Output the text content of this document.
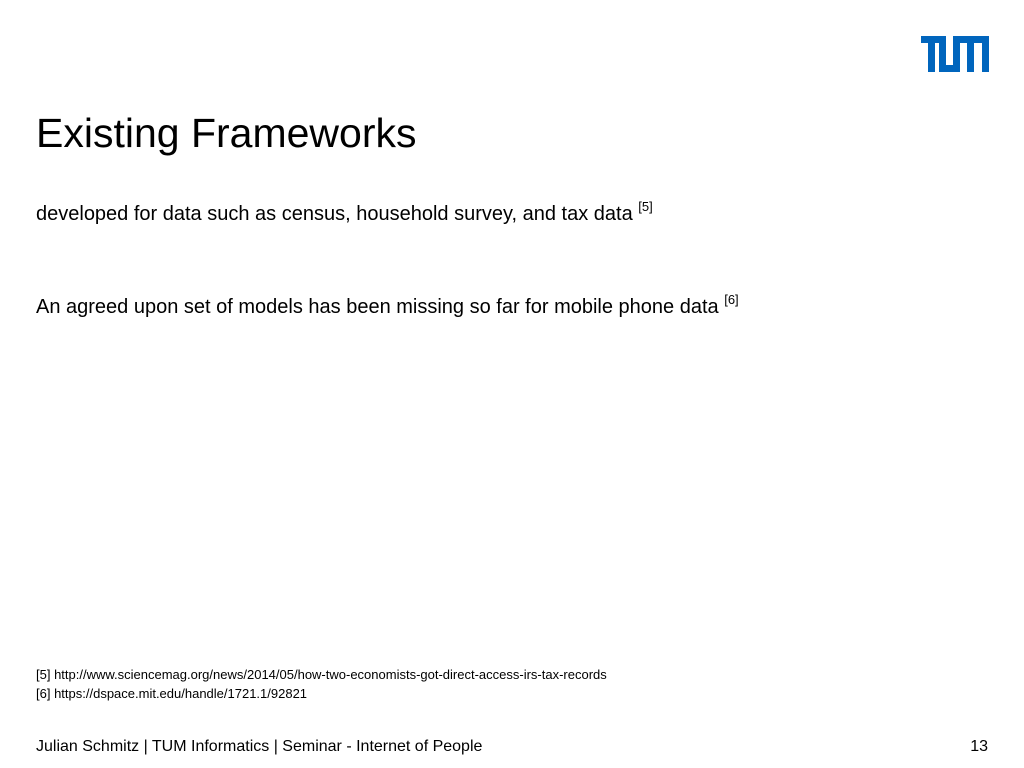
Existing Frameworks
developed for data such as census, household survey, and tax data [5]
An agreed upon set of models has been missing so far for mobile phone data [6]
[5] http://www.sciencemag.org/news/2014/05/how-two-economists-got-direct-access-irs-tax-records
[6] https://dspace.mit.edu/handle/1721.1/92821
Julian Schmitz | TUM Informatics | Seminar - Internet of People	13
